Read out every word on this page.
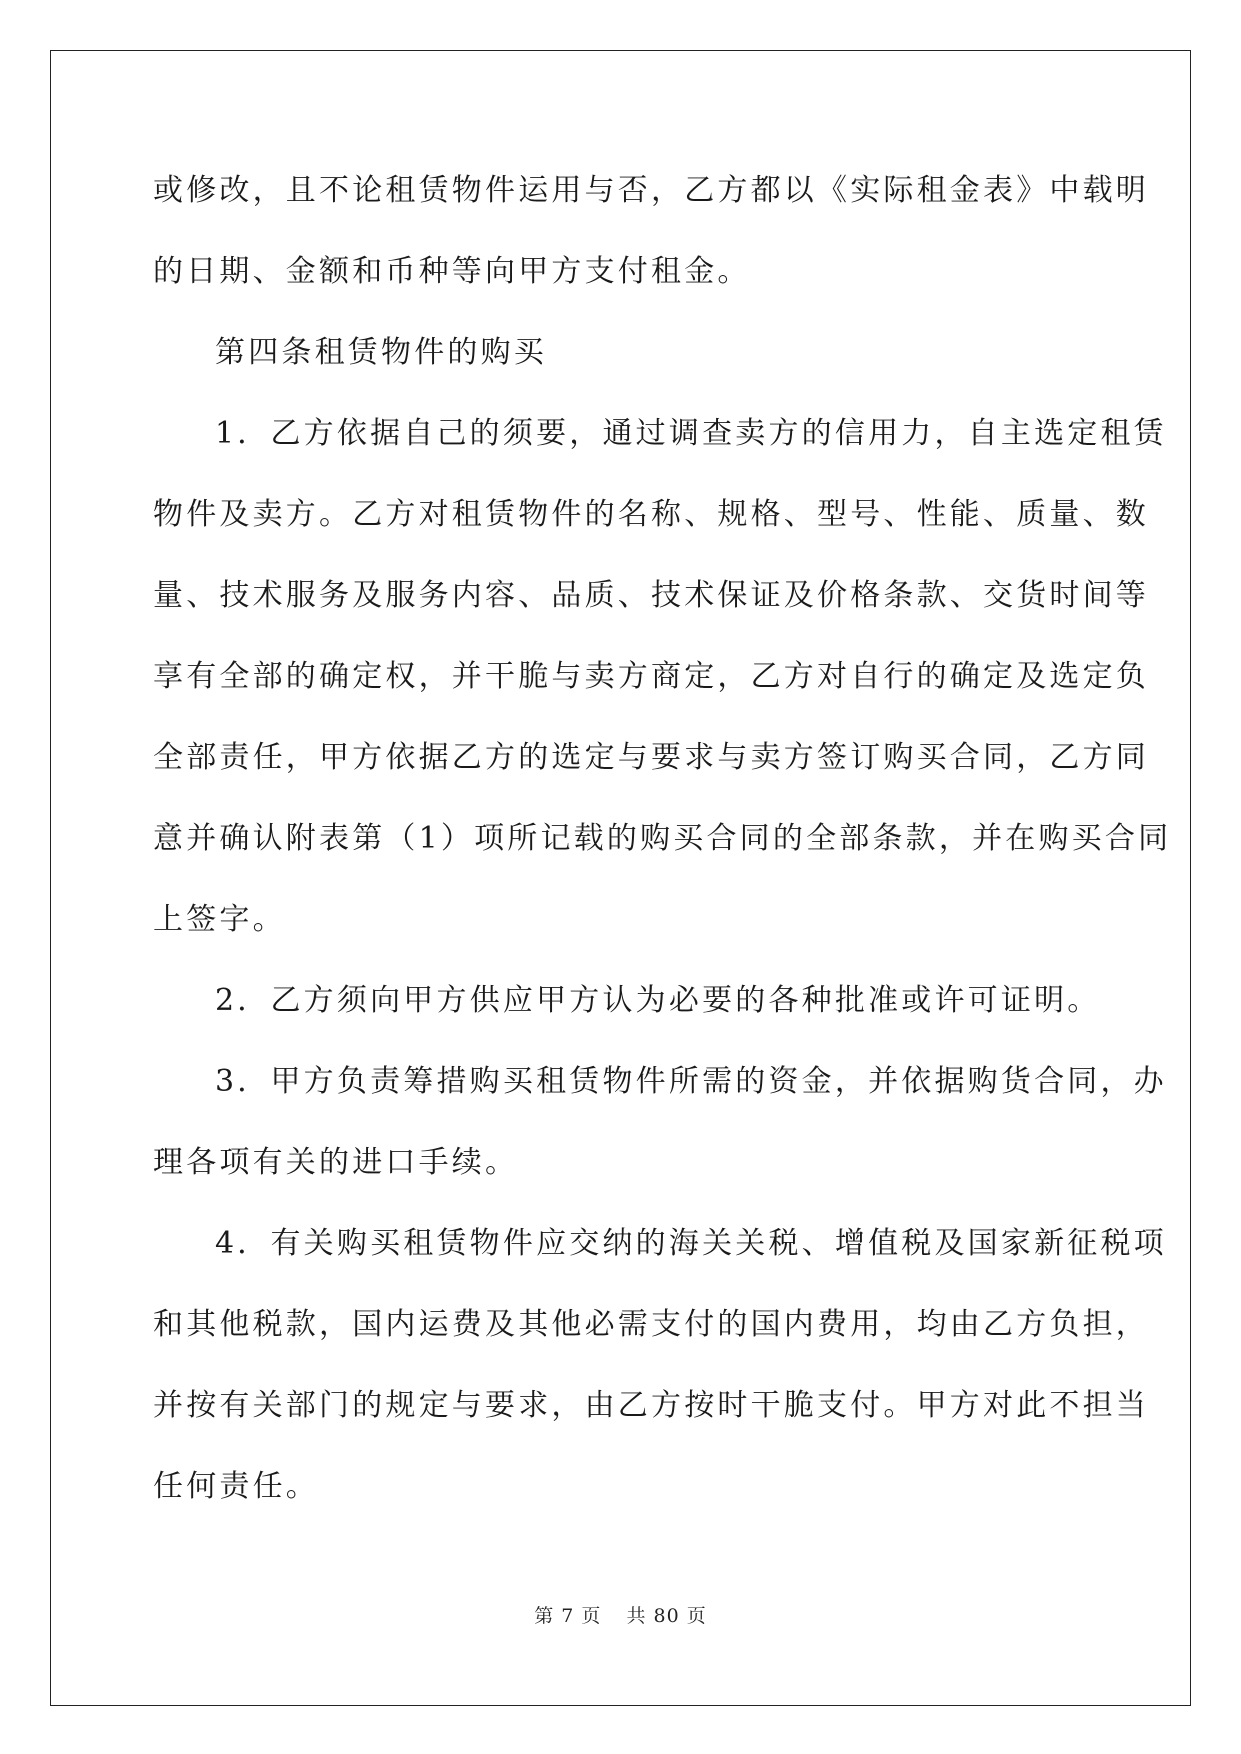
或修改，且不论租赁物件运用与否，乙方都以《实际租金表》中载明
的日期、金额和币种等向甲方支付租金。
第四条租赁物件的购买
1．乙方依据自己的须要，通过调查卖方的信用力，自主选定租赁
物件及卖方。乙方对租赁物件的名称、规格、型号、性能、质量、数
量、技术服务及服务内容、品质、技术保证及价格条款、交货时间等
享有全部的确定权，并干脆与卖方商定，乙方对自行的确定及选定负
全部责任，甲方依据乙方的选定与要求与卖方签订购买合同，乙方同
意并确认附表第（1）项所记载的购买合同的全部条款，并在购买合同
上签字。
2．乙方须向甲方供应甲方认为必要的各种批准或许可证明。
3．甲方负责筹措购买租赁物件所需的资金，并依据购货合同，办
理各项有关的进口手续。
4．有关购买租赁物件应交纳的海关关税、增值税及国家新征税项
和其他税款，国内运费及其他必需支付的国内费用，均由乙方负担，
并按有关部门的规定与要求，由乙方按时干脆支付。甲方对此不担当
任何责任。
第 7 页 共 80 页
